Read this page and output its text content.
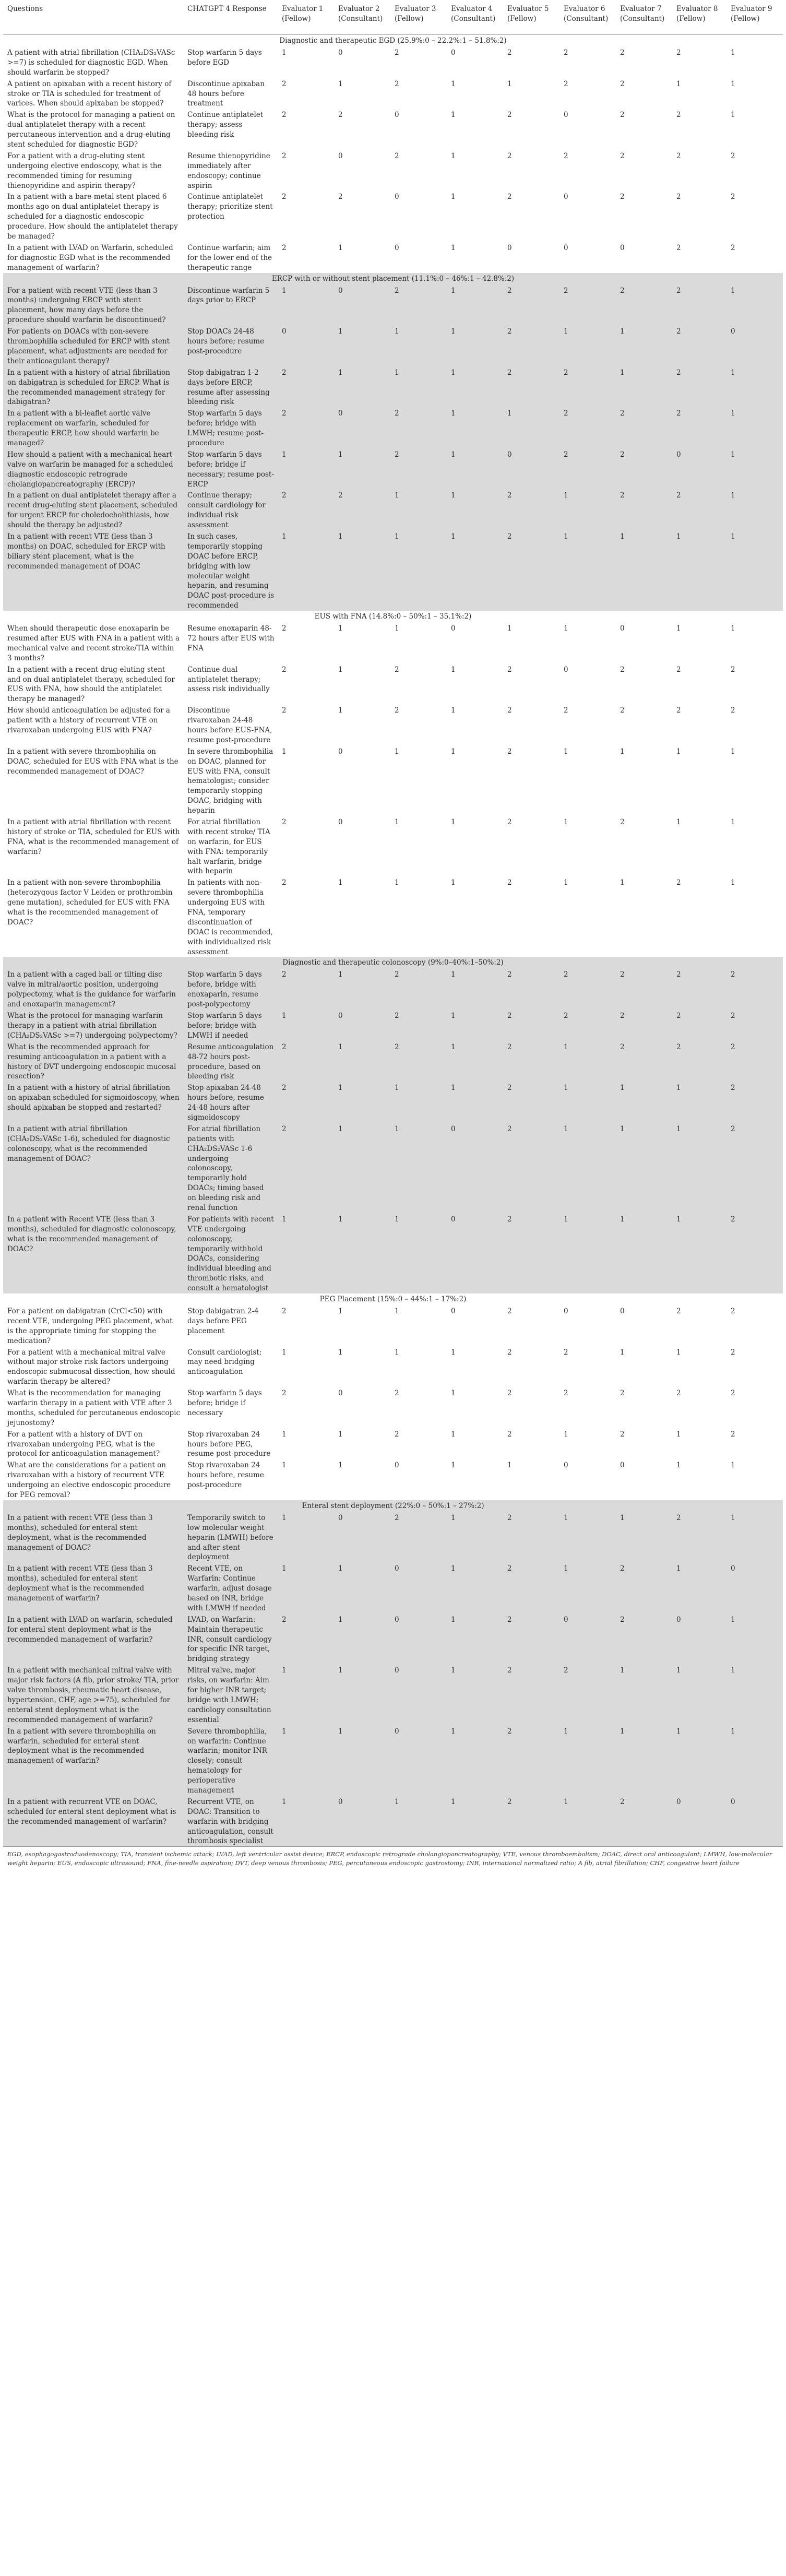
Questions	CHATGPT 4 Response	Evaluator 1 (Fellow)	Evaluator 2 (Consultant)	Evaluator 3 (Fellow)	Evaluator 4 (Consultant)	Evaluator 5 (Fellow)	Evaluator 6 (Consultant)	Evaluator 7 (Consultant)	Evaluator 8 (Fellow)	Evaluator 9 (Fellow)
Diagnostic and therapeutic EGD (25.9%:0 – 22.2%:1 – 51.8%:2)										
A patient with atrial fibrillation (CHA₂DS₂VASc >=7) is scheduled for diagnostic EGD. When should warfarin be stopped?	Stop warfarin 5 days before EGD	1	0	2	0	2	2	2	2	1
A patient on apixaban with a recent history of stroke or TIA is scheduled for treatment of varices. When should apixaban be stopped?	Discontinue apixaban 48 hours before treatment	2	1	2	1	1	2	2	1	1
What is the protocol for managing a patient on dual antiplatelet therapy with a recent percutaneous intervention and a drug-eluting stent scheduled for diagnostic EGD?	Continue antiplatelet therapy; assess bleeding risk	2	2	0	1	2	0	2	2	1
For a patient with a drug-eluting stent undergoing elective endoscopy, what is the recommended timing for resuming thienopyridine and aspirin therapy?	Resume thienopyridine immediately after endoscopy; continue aspirin	2	0	2	1	2	2	2	2	2
In a patient with a bare-metal stent placed 6 months ago on dual antiplatelet therapy is scheduled for a diagnostic endoscopic procedure. How should the antiplatelet therapy be managed?	Continue antiplatelet therapy; prioritize stent protection	2	2	0	1	2	0	2	2	2
In a patient with LVAD on Warfarin, scheduled for diagnostic EGD what is the recommended management of warfarin?	Continue warfarin; aim for the lower end of the therapeutic range	2	1	0	1	0	0	0	2	2
ERCP with or without stent placement (11.1%:0 – 46%:1 – 42.8%:2)										
For a patient with recent VTE (less than 3 months) undergoing ERCP with stent placement, how many days before the procedure should warfarin be discontinued?	Discontinue warfarin 5 days prior to ERCP	1	0	2	1	2	2	2	2	1
For patients on DOACs with non-severe thrombophilia scheduled for ERCP with stent placement, what adjustments are needed for their anticoagulant therapy?	Stop DOACs 24-48 hours before; resume post-procedure	0	1	1	1	2	1	1	2	0
In a patient with a history of atrial fibrillation on dabigatran is scheduled for ERCP. What is the recommended management strategy for dabigatran?	Stop dabigatran 1-2 days before ERCP, resume after assessing bleeding risk	2	1	1	1	2	2	1	2	1
In a patient with a bi-leaflet aortic valve replacement on warfarin, scheduled for therapeutic ERCP, how should warfarin be managed?	Stop warfarin 5 days before; bridge with LMWH; resume post-procedure	2	0	2	1	1	2	2	2	1
How should a patient with a mechanical heart valve on warfarin be managed for a scheduled diagnostic endoscopic retrograde cholangiopancreatography (ERCP)?	Stop warfarin 5 days before; bridge if necessary; resume post-ERCP	1	1	2	1	0	2	2	0	1
In a patient on dual antiplatelet therapy after a recent drug-eluting stent placement, scheduled for urgent ERCP for choledocholithiasis, how should the therapy be adjusted?	Continue therapy; consult cardiology for individual risk assessment	2	2	1	1	2	1	2	2	1
In a patient with recent VTE (less than 3 months) on DOAC, scheduled for ERCP with biliary stent placement, what is the recommended management of DOAC	In such cases, temporarily stopping DOAC before ERCP, bridging with low molecular weight heparin, and resuming DOAC post-procedure is recommended	1	1	1	1	2	1	1	1	1
EUS with FNA (14.8%:0 – 50%:1 – 35.1%:2)										
When should therapeutic dose enoxaparin be resumed after EUS with FNA in a patient with a mechanical valve and recent stroke/TIA within 3 months?	Resume enoxaparin 48-72 hours after EUS with FNA	2	1	1	0	1	1	0	1	1
In a patient with a recent drug-eluting stent and on dual antiplatelet therapy, scheduled for EUS with FNA, how should the antiplatelet therapy be managed?	Continue dual antiplatelet therapy; assess risk individually	2	1	2	1	2	0	2	2	2
How should anticoagulation be adjusted for a patient with a history of recurrent VTE on rivaroxaban undergoing EUS with FNA?	Discontinue rivaroxaban 24-48 hours before EUS-FNA, resume post-procedure	2	1	2	1	2	2	2	2	2
In a patient with severe thrombophilia on DOAC, scheduled for EUS with FNA what is the recommended management of DOAC?	In severe thrombophilia on DOAC, planned for EUS with FNA, consult hematologist; consider temporarily stopping DOAC, bridging with heparin	1	0	1	1	2	1	1	1	1
In a patient with atrial fibrillation with recent history of stroke or TIA, scheduled for EUS with FNA, what is the recommended management of warfarin?	For atrial fibrillation with recent stroke/ TIA on warfarin, for EUS with FNA: temporarily halt warfarin, bridge with heparin	2	0	1	1	2	1	2	1	1
In a patient with non-severe thrombophilia (heterozygous factor V Leiden or prothrombin gene mutation), scheduled for EUS with FNA what is the recommended management of DOAC?	In patients with non-severe thrombophilia undergoing EUS with FNA, temporary discontinuation of DOAC is recommended, with individualized risk assessment	2	1	1	1	2	1	1	2	1
Diagnostic and therapeutic colonoscopy (9%:0–40%:1–50%:2)										
In a patient with a caged ball or tilting disc valve in mitral/aortic position, undergoing polypectomy, what is the guidance for warfarin and enoxaparin management?	Stop warfarin 5 days before, bridge with enoxaparin, resume post-polypectomy	2	1	2	1	2	2	2	2	2
What is the protocol for managing warfarin therapy in a patient with atrial fibrillation (CHA₂DS₂VASc >=7) undergoing polypectomy?	Stop warfarin 5 days before; bridge with LMWH if needed	1	0	2	1	2	2	2	2	2
What is the recommended approach for resuming anticoagulation in a patient with a history of DVT undergoing endoscopic mucosal resection?	Resume anticoagulation 48-72 hours post-procedure, based on bleeding risk	2	1	2	1	2	1	2	2	2
In a patient with a history of atrial fibrillation on apixaban scheduled for sigmoidoscopy, when should apixaban be stopped and restarted?	Stop apixaban 24-48 hours before, resume 24-48 hours after sigmoidoscopy	2	1	1	1	2	1	1	1	2
In a patient with atrial fibrillation (CHA₂DS₂VASc 1-6), scheduled for diagnostic colonoscopy, what is the recommended management of DOAC?	For atrial fibrillation patients with CHA₂DS₂VASc 1-6 undergoing colonoscopy, temporarily hold DOACs; timing based on bleeding risk and renal function	2	1	1	0	2	1	1	1	2
In a patient with Recent VTE (less than 3 months), scheduled for diagnostic colonoscopy, what is the recommended management of DOAC?	For patients with recent VTE undergoing colonoscopy, temporarily withhold DOACs, considering individual bleeding and thrombotic risks, and consult a hematologist	1	1	1	0	2	1	1	1	2
PEG Placement (15%:0 – 44%:1 – 17%:2)										
For a patient on dabigatran (CrCl<50) with recent VTE, undergoing PEG placement, what is the appropriate timing for stopping the medication?	Stop dabigatran 2-4 days before PEG placement	2	1	1	0	2	0	0	2	2
For a patient with a mechanical mitral valve without major stroke risk factors undergoing endoscopic submucosal dissection, how should warfarin therapy be altered?	Consult cardiologist; may need bridging anticoagulation	1	1	1	1	2	2	1	1	2
What is the recommendation for managing warfarin therapy in a patient with VTE after 3 months, scheduled for percutaneous endoscopic jejunostomy?	Stop warfarin 5 days before; bridge if necessary	2	0	2	1	2	2	2	2	2
For a patient with a history of DVT on rivaroxaban undergoing PEG, what is the protocol for anticoagulation management?	Stop rivaroxaban 24 hours before PEG, resume post-procedure	1	1	2	1	2	1	2	1	2
What are the considerations for a patient on rivaroxaban with a history of recurrent VTE undergoing an elective endoscopic procedure for PEG removal?	Stop rivaroxaban 24 hours before, resume post-procedure	1	1	0	1	1	0	0	1	1
Enteral stent deployment (22%:0 – 50%:1 – 27%:2)										
In a patient with recent VTE (less than 3 months), scheduled for enteral stent deployment, what is the recommended management of DOAC?	Temporarily switch to low molecular weight heparin (LMWH) before and after stent deployment	1	0	2	1	2	1	1	2	1
In a patient with recent VTE (less than 3 months), scheduled for enteral stent deployment what is the recommended management of warfarin?	Recent VTE, on Warfarin: Continue warfarin, adjust dosage based on INR, bridge with LMWH if needed	1	1	0	1	2	1	2	1	0
In a patient with LVAD on warfarin, scheduled for enteral stent deployment what is the recommended management of warfarin?	LVAD, on Warfarin: Maintain therapeutic INR, consult cardiology for specific INR target, bridging strategy	2	1	0	1	2	0	2	0	1
In a patient with mechanical mitral valve with major risk factors (A fib, prior stroke/ TIA, prior valve thrombosis, rheumatic heart disease, hypertension, CHF, age >=75), scheduled for enteral stent deployment what is the recommended management of warfarin?	Mitral valve, major risks, on warfarin: Aim for higher INR target; bridge with LMWH; cardiology consultation essential	1	1	0	1	2	2	1	1	1
In a patient with severe thrombophilia on warfarin, scheduled for enteral stent deployment what is the recommended management of warfarin?	Severe thrombophilia, on warfarin: Continue warfarin; monitor INR closely; consult hematology for perioperative management	1	1	0	1	2	1	1	1	1
In a patient with recurrent VTE on DOAC, scheduled for enteral stent deployment what is the recommended management of warfarin?	Recurrent VTE, on DOAC: Transition to warfarin with bridging anticoagulation, consult thrombosis specialist	1	0	1	1	2	1	2	0	0
EGD, esophagogastroduodenoscopy; TIA, transient ischemic attack; LVAD, left ventricular assist device; ERCP, endoscopic retrograde cholangiopancreatography; VTE, venous thromboembolism; DOAC, direct oral anticoagulant; LMWH, low-molecular weight heparin; EUS, endoscopic ultrasound; FNA, fine-needle aspiration; DVT, deep venous thrombosis; PEG, percutaneous endoscopic gastrostomy; INR, international normalized ratio; A fib, atrial fibrillation; CHF, congestive heart failure
